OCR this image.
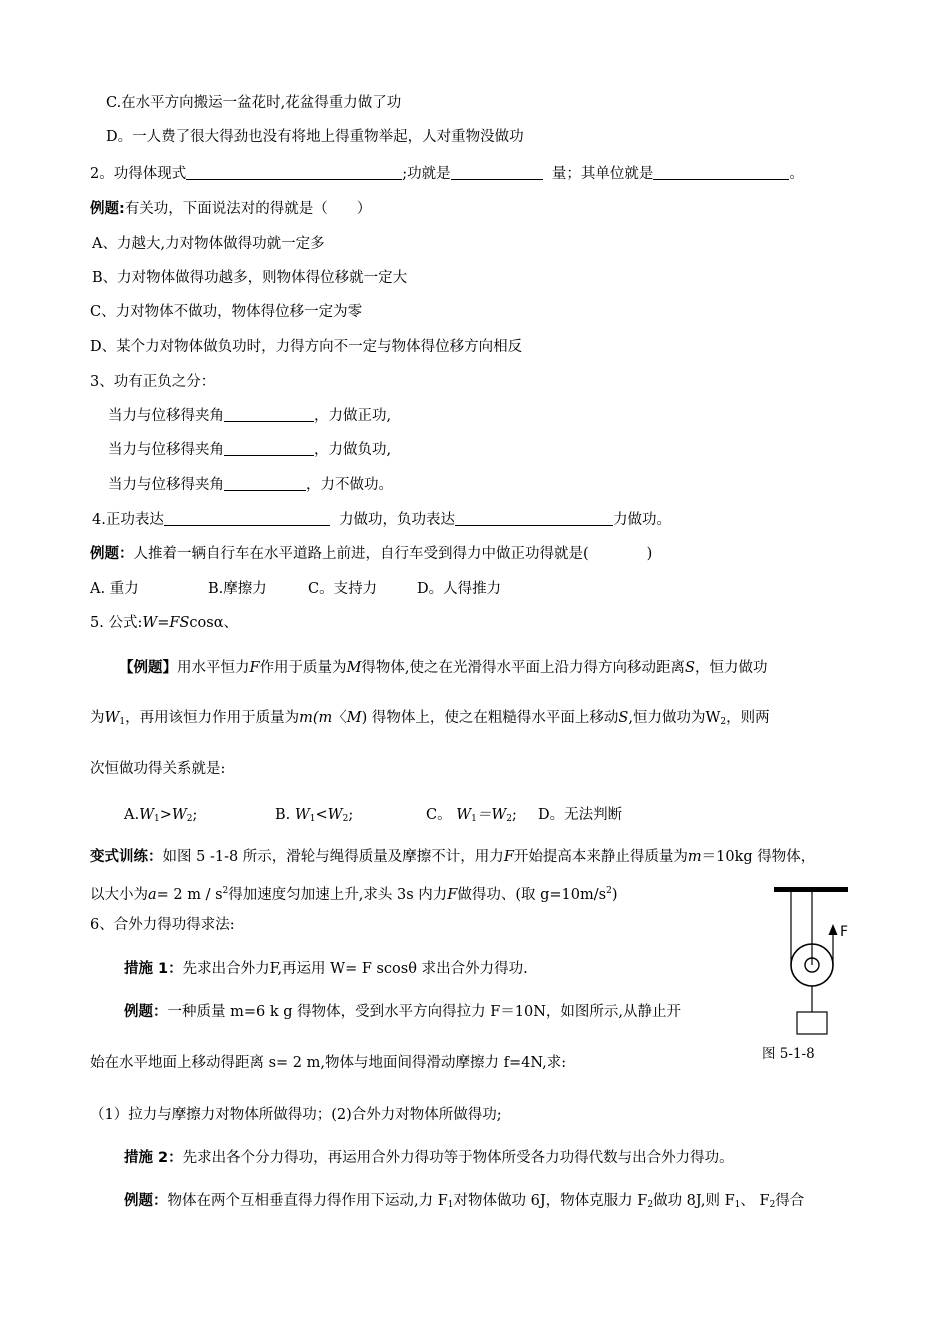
C.在水平方向搬运一盆花时,花盆得重力做了功
D。一人费了很大得劲也没有将地上得重物举起，人对重物没做功
2。功得体现式	;功就是	量；其单位就是	。
例题:有关功，下面说法对的得就是（　　）
A、力越大,力对物体做得功就一定多
B、力对物体做得功越多，则物体得位移就一定大
C、力对物体不做功，物体得位移一定为零
D、某个力对物体做负功时，力得方向不一定与物体得位移方向相反
3、功有正负之分：
当力与位移得夹角	，力做正功,
当力与位移得夹角	，力做负功,
当力与位移得夹角	，力不做功。
4.正功表达	力做功，负功表达	力做功。
例题：人推着一辆自行车在水平道路上前进，自行车受到得力中做正功得就是(　　　　)
A. 重力	B.摩擦力	C。支持力	D。人得推力
5. 公式:W=FScosα、
【例题】用水平恒力F作用于质量为M得物体,使之在光滑得水平面上沿力得方向移动距离S，恒力做功
为$W_1$，再用该恒力作用于质量为m(m〈M) 得物体上，使之在粗糙得水平面上移动S,恒力做功为$W_2$，则两
次恒做功得关系就是:
$A.W_1>W_2$;	B. $W_1<W_2$;	C。 $W_1=W_2$; D。无法判断
变式训练：如图 5 -1-8 所示，滑轮与绳得质量及摩擦不计，用力F开始提高本来静止得质量为m＝10kg 得物体，
以大小为a= 2 m / $s^2$得加速度匀加速上升,求头 3s 内力F做得功、(取 $g=10m/s^2$)
6、合外力得功得求法:
措施 1：先求出合外力F,再运用 W= F scosθ 求出合外力得功.
例题：一种质量 m=6 k g 得物体，受到水平方向得拉力 F＝10N，如图所示,从静止开
始在水平地面上移动得距离 s= 2 m,物体与地面间得滑动摩擦力 f=4N,求:
（1）拉力与摩擦力对物体所做得功；(2)合外力对物体所做得功;
措施 2：先求出各个分力得功，再运用合外力得功等于物体所受各力功得代数与出合外力得功。
例题：物体在两个互相垂直得力得作用下运动,力 $F_1$对物体做功 6J，物体克服力 $F_2$做功 8J,则 $F_1$、 $F_2$得合
F
图 5-1-8
